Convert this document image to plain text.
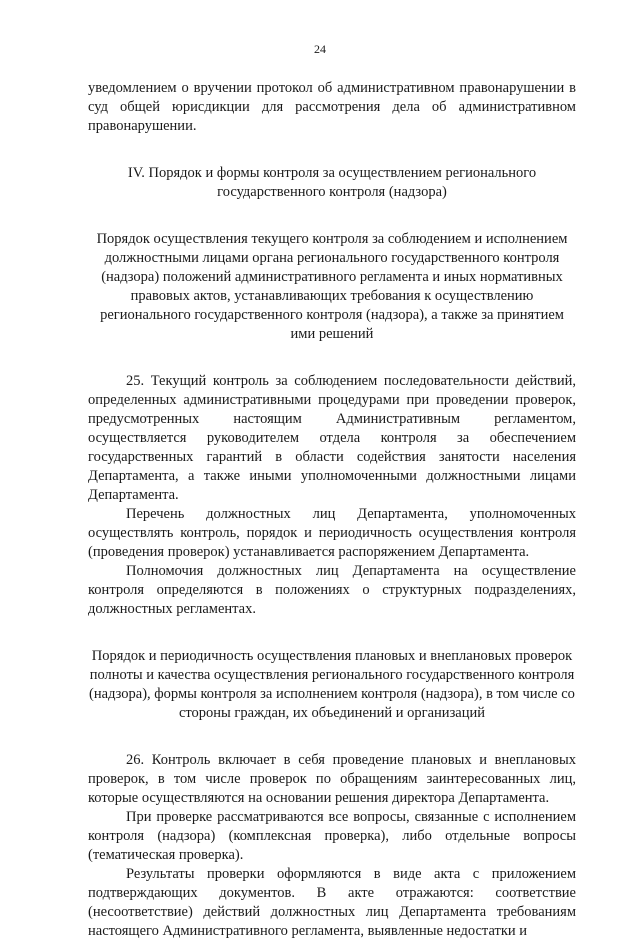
24

уведомлением о вручении протокол об административном правонарушении в суд общей юрисдикции для рассмотрения дела об административном правонарушении.

IV. Порядок и формы контроля за осуществлением регионального государственного контроля (надзора)

Порядок осуществления текущего контроля за соблюдением и исполнением должностными лицами органа регионального государственного контроля (надзора) положений административного регламента и иных нормативных правовых актов, устанавливающих требования к осуществлению регионального государственного контроля (надзора), а также за принятием ими решений

25. Текущий контроль за соблюдением последовательности действий, определенных административными процедурами при проведении проверок, предусмотренных настоящим Административным регламентом, осуществляется руководителем отдела контроля за обеспечением государственных гарантий в области содействия занятости населения Департамента, а также иными уполномоченными должностными лицами Департамента.

Перечень должностных лиц Департамента, уполномоченных осуществлять контроль, порядок и периодичность осуществления контроля (проведения проверок) устанавливается распоряжением Департамента.

Полномочия должностных лиц Департамента на осуществление контроля определяются в положениях о структурных подразделениях, должностных регламентах.

Порядок и периодичность осуществления плановых и внеплановых проверок полноты и качества осуществления регионального государственного контроля (надзора), формы контроля за исполнением контроля (надзора), в том числе со стороны граждан, их объединений и организаций

26. Контроль включает в себя проведение плановых и внеплановых проверок, в том числе проверок по обращениям заинтересованных лиц, которые осуществляются на основании решения директора Департамента.

При проверке рассматриваются все вопросы, связанные с исполнением контроля (надзора) (комплексная проверка), либо отдельные вопросы (тематическая проверка).

Результаты проверки оформляются в виде акта с приложением подтверждающих документов. В акте отражаются: соответствие (несоответствие) действий должностных лиц Департамента требованиям настоящего Административного регламента, выявленные недостатки и
